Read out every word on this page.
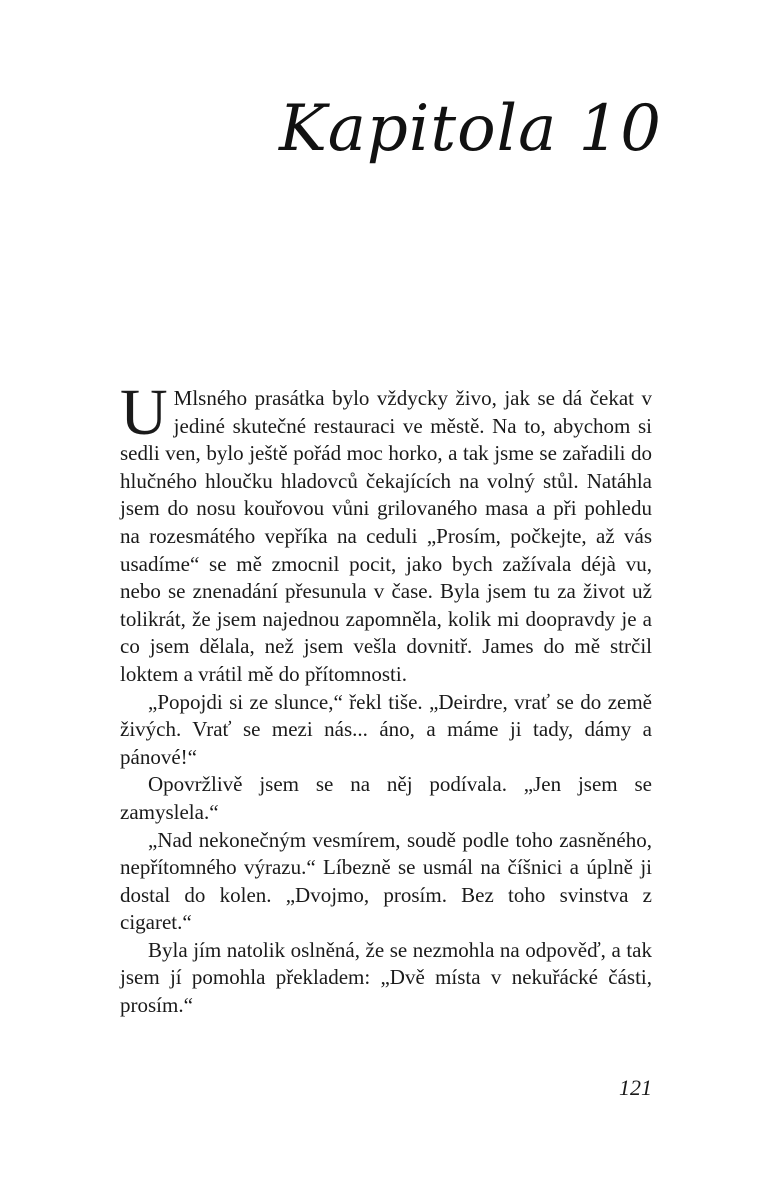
Kapitola 10

U Mlsného prasátka bylo vždycky živo, jak se dá čekat v jediné skutečné restauraci ve městě. Na to, abychom si sedli ven, bylo ještě pořád moc horko, a tak jsme se zařadili do hlučného hloučku hladovců čekajících na volný stůl. Natáhla jsem do nosu kouřovou vůni grilovaného masa a při pohledu na rozesmátého vepříka na ceduli „Prosím, počkejte, až vás usadíme“ se mě zmocnil pocit, jako bych zažívala déjà vu, nebo se znenadání přesunula v čase. Byla jsem tu za život už tolikrát, že jsem najednou zapomněla, kolik mi doopravdy je a co jsem dělala, než jsem vešla dovnitř. James do mě strčil loktem a vrátil mě do přítomnosti.

„Popojdi si ze slunce,“ řekl tiše. „Deirdre, vrať se do země živých. Vrať se mezi nás... áno, a máme ji tady, dámy a pánové!“

Opovržlivě jsem se na něj podívala. „Jen jsem se zamyslela.“

„Nad nekonečným vesmírem, soudě podle toho zasněného, nepřítomného výrazu.“ Líbezně se usmál na číšnici a úplně ji dostal do kolen. „Dvojmo, prosím. Bez toho svinstva z cigaret.“

Byla jím natolik oslněná, že se nezmohla na odpověď, a tak jsem jí pomohla překladem: „Dvě místa v nekuřácké části, prosím.“

121
